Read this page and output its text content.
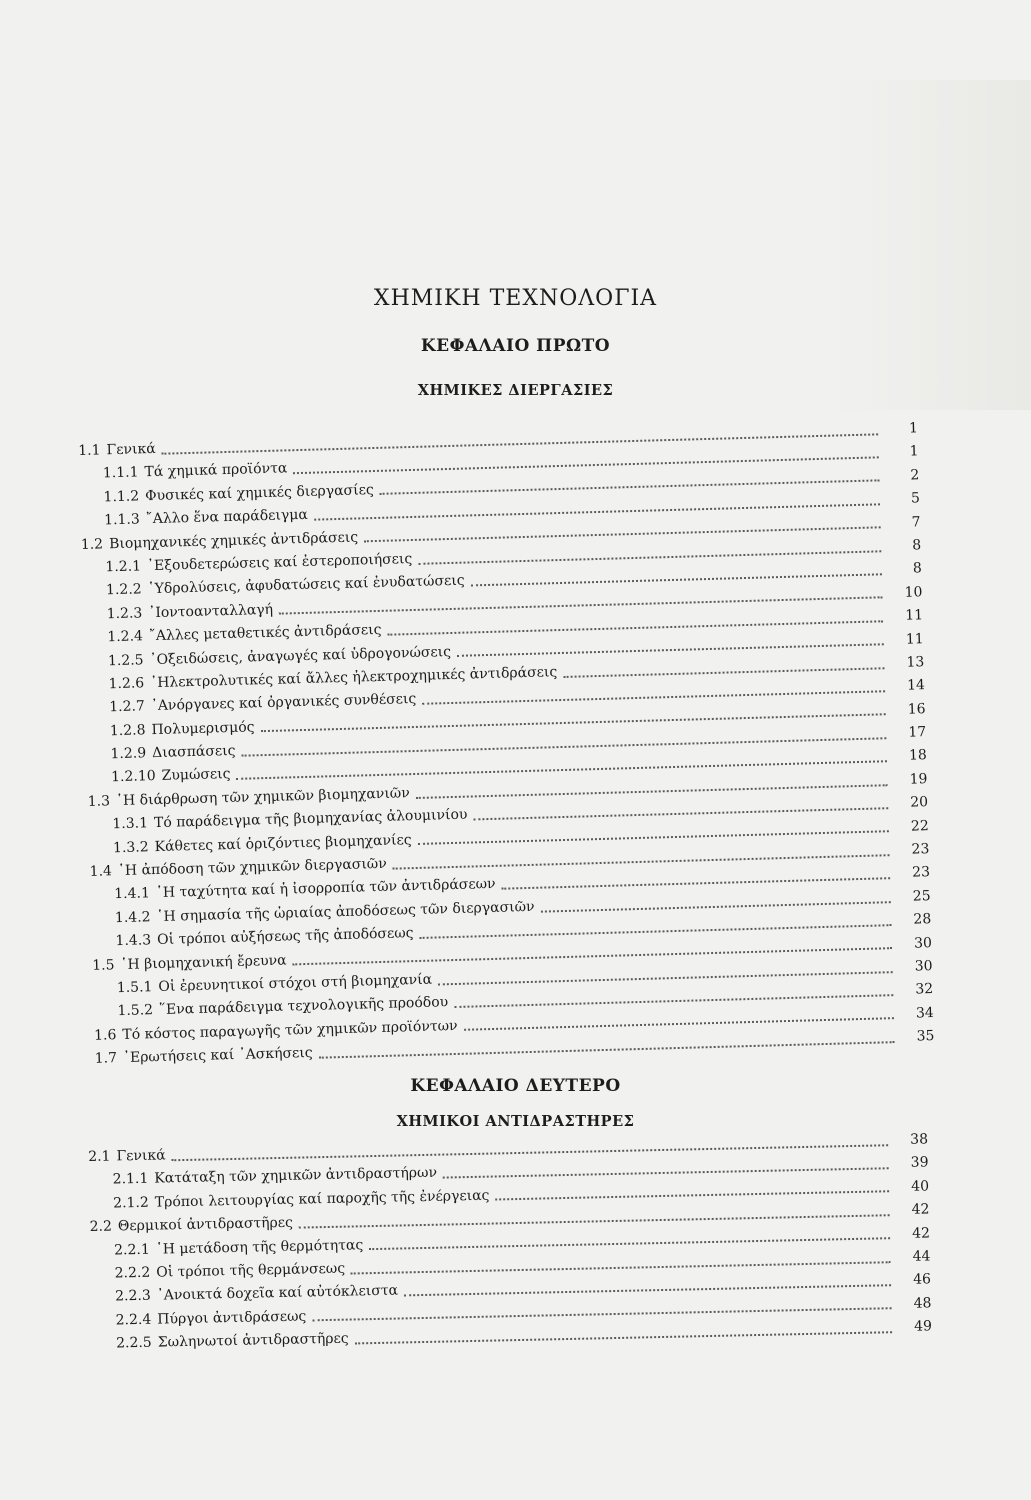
ΧΗΜΙΚΗ ΤΕΧΝΟΛΟΓΙΑ
ΚΕΦΑΛΑΙΟ ΠΡΩΤΟ
ΧΗΜΙΚΕΣ ΔΙΕΡΓΑΣΙΕΣ
1.1 Γενικά
1
1.1.1 Τά χημικά προϊόντα
1
1.1.2 Φυσικές καί χημικές διεργασίες
2
1.1.3 ῎Αλλο ἕνα παράδειγμα
5
1.2 Βιομηχανικές χημικές ἀντιδράσεις
7
1.2.1 ᾿Εξουδετερώσεις καί ἐστεροποιήσεις
8
1.2.2 ῾Υδρολύσεις, ἀφυδατώσεις καί ἐνυδατώσεις
8
1.2.3 ᾿Ιοντοανταλλαγή
10
1.2.4 ῎Αλλες μεταθετικές ἀντιδράσεις
11
1.2.5 ᾿Οξειδώσεις, ἀναγωγές καί ὑδρογονώσεις
11
1.2.6 ᾿Ηλεκτρολυτικές καί ἄλλες ἠλεκτροχημικές ἀντιδράσεις
13
1.2.7 ᾿Ανόργανες καί ὀργανικές συνθέσεις
14
1.2.8 Πολυμερισμός
16
1.2.9 Διασπάσεις
17
1.2.10 Ζυμώσεις
18
1.3 ῾Η διάρθρωση τῶν χημικῶν βιομηχανιῶν
19
1.3.1 Τό παράδειγμα τῆς βιομηχανίας ἀλουμινίου
20
1.3.2 Κάθετες καί ὁριζόντιες βιομηχανίες
22
1.4 ῾Η ἀπόδοση τῶν χημικῶν διεργασιῶν
23
1.4.1 ῾Η ταχύτητα καί ἡ ἰσορροπία τῶν ἀντιδράσεων
23
1.4.2 ῾Η σημασία τῆς ὡριαίας ἀποδόσεως τῶν διεργασιῶν
25
1.4.3 Οἱ τρόποι αὐξήσεως τῆς ἀποδόσεως
28
1.5 ῾Η βιομηχανική ἔρευνα
30
1.5.1 Οἱ ἐρευνητικοί στόχοι στή βιομηχανία
30
1.5.2 ῞Ενα παράδειγμα τεχνολογικῆς προόδου
32
1.6 Τό κόστος παραγωγῆς τῶν χημικῶν προϊόντων
34
1.7 ᾿Ερωτήσεις καί ᾿Ασκήσεις
35
ΚΕΦΑΛΑΙΟ ΔΕΥΤΕΡΟ
ΧΗΜΙΚΟΙ ΑΝΤΙΔΡΑΣΤΗΡΕΣ
2.1 Γενικά
38
2.1.1 Κατάταξη τῶν χημικῶν ἀντιδραστήρων
39
2.1.2 Τρόποι λειτουργίας καί παροχῆς τῆς ἐνέργειας
40
2.2 Θερμικοί ἀντιδραστῆρες
42
2.2.1 ῾Η μετάδοση τῆς θερμότητας
42
2.2.2 Οἱ τρόποι τῆς θερμάνσεως
44
2.2.3 ᾿Ανοικτά δοχεῖα καί αὐτόκλειστα
46
2.2.4 Πύργοι ἀντιδράσεως
48
2.2.5 Σωληνωτοί ἀντιδραστῆρες
49
